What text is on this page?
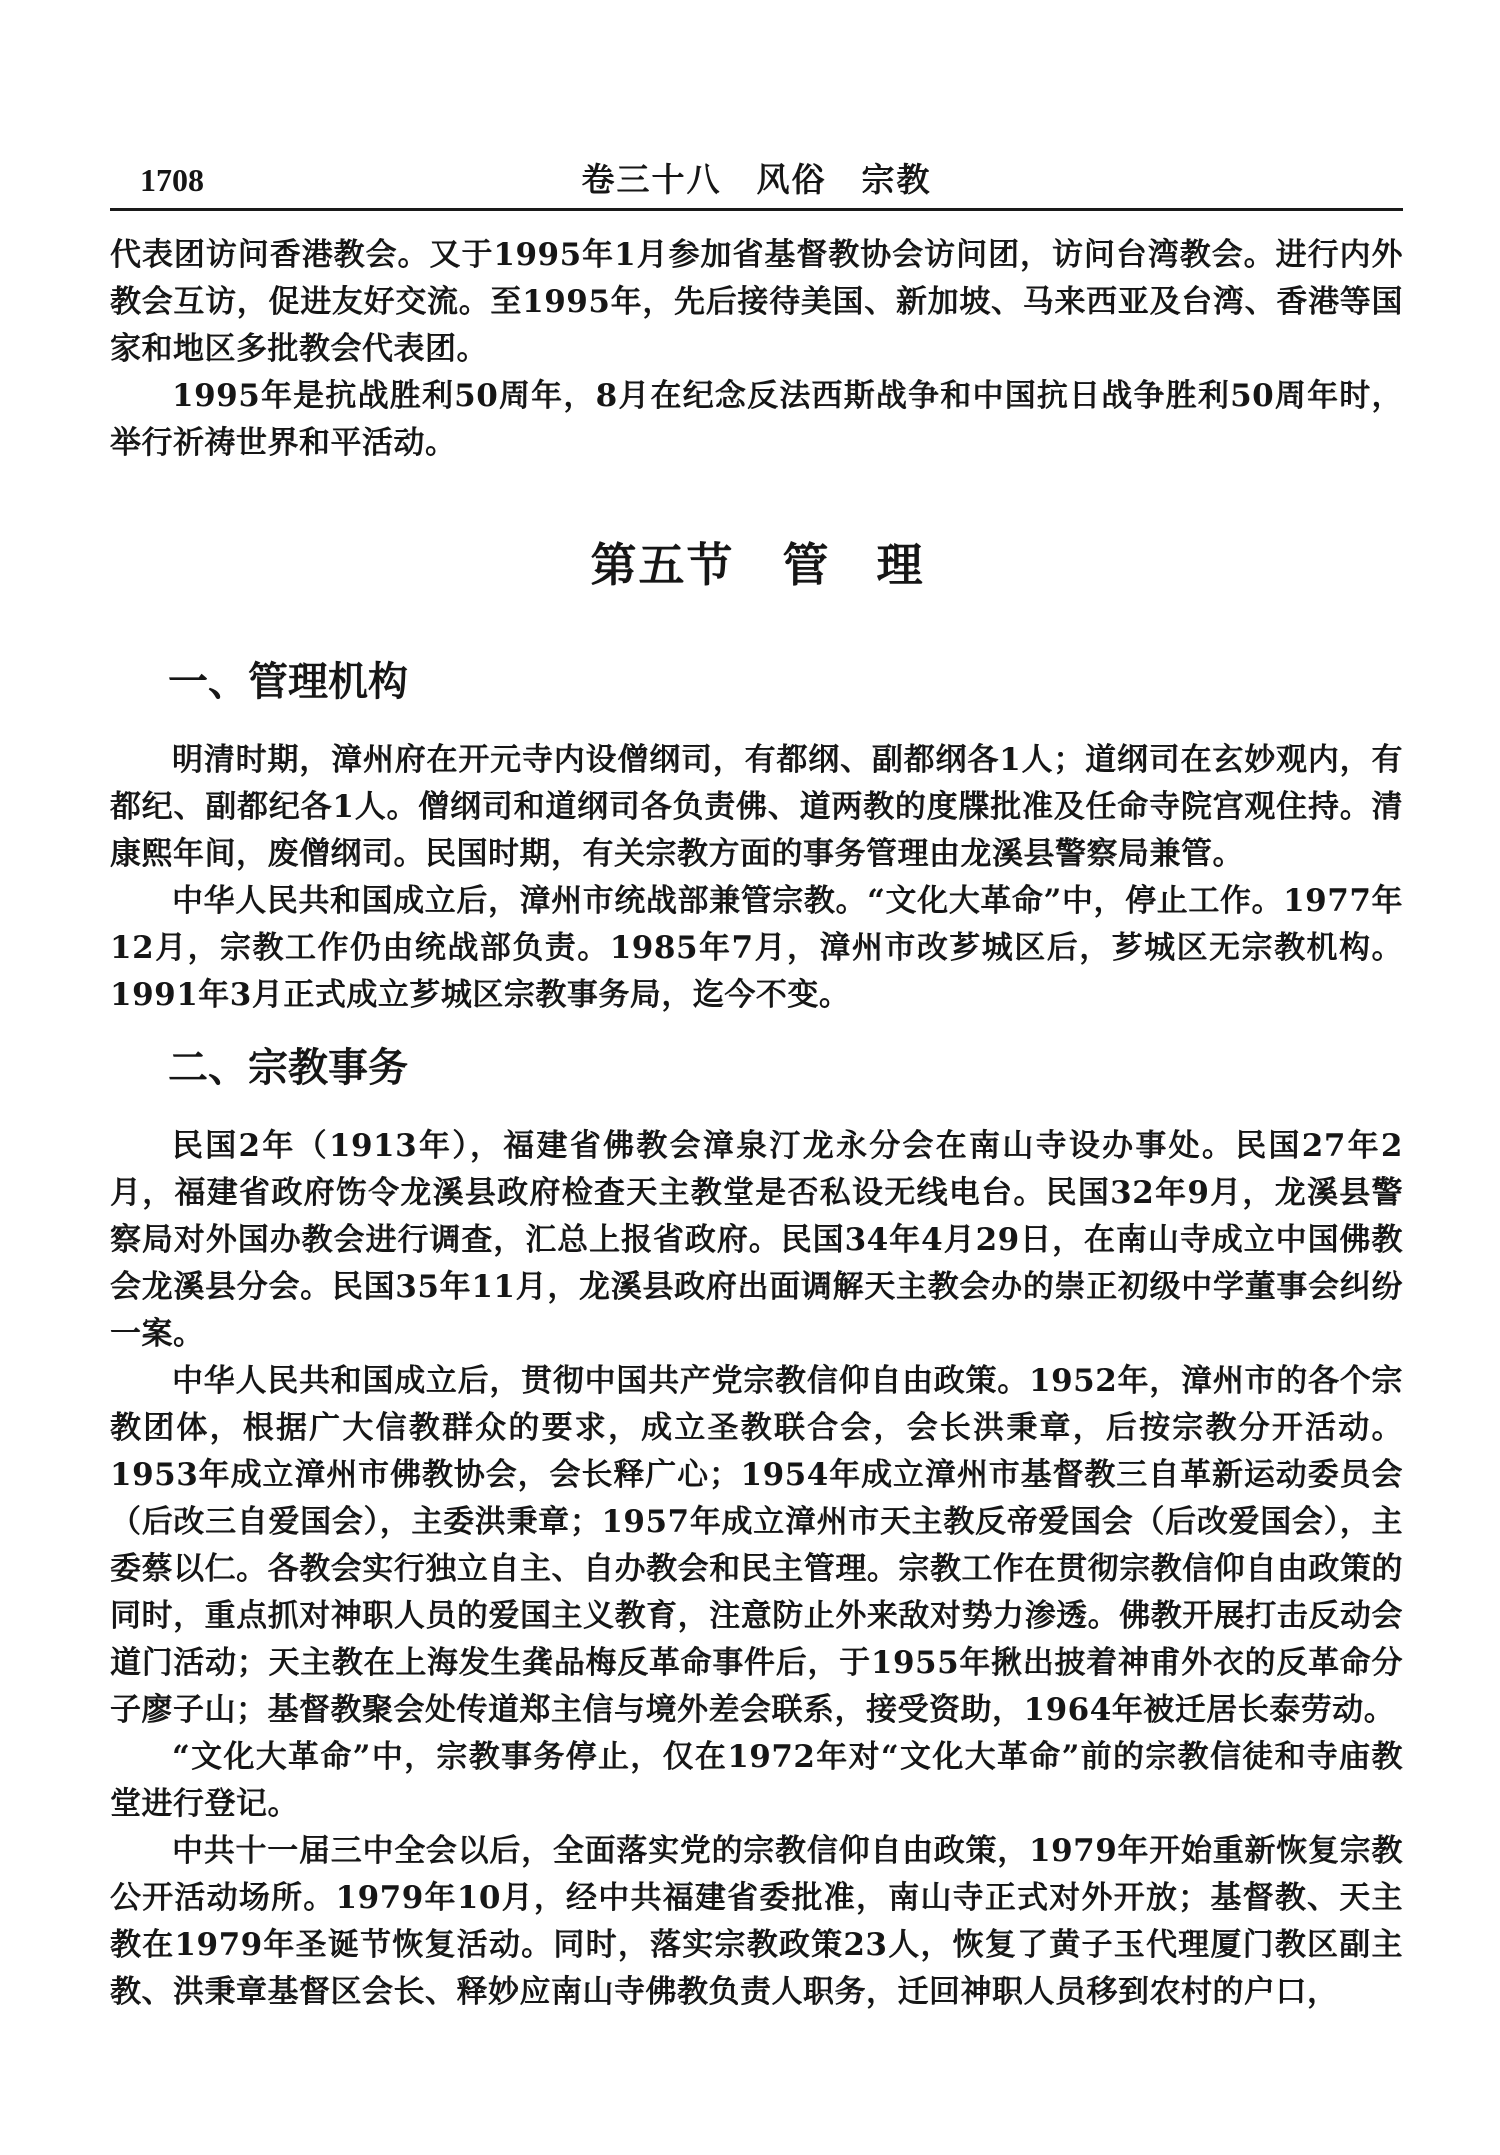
1708	卷三十八　风俗　宗教

代表团访问香港教会。又于1995年1月参加省基督教协会访问团，访问台湾教会。进行内外教会互访，促进友好交流。至1995年，先后接待美国、新加坡、马来西亚及台湾、香港等国家和地区多批教会代表团。

1995年是抗战胜利50周年，8月在纪念反法西斯战争和中国抗日战争胜利50周年时，举行祈祷世界和平活动。

第五节 管 理
一、管理机构

明清时期，漳州府在开元寺内设僧纲司，有都纲、副都纲各1人；道纲司在玄妙观内，有都纪、副都纪各1人。僧纲司和道纲司各负责佛、道两教的度牒批准及任命寺院宫观住持。清康熙年间，废僧纲司。民国时期，有关宗教方面的事务管理由龙溪县警察局兼管。

中华人民共和国成立后，漳州市统战部兼管宗教。“文化大革命”中，停止工作。1977年12月，宗教工作仍由统战部负责。1985年7月，漳州市改芗城区后，芗城区无宗教机构。1991年3月正式成立芗城区宗教事务局，迄今不变。

二、宗教事务

民国2年（1913年），福建省佛教会漳泉汀龙永分会在南山寺设办事处。民国27年2月，福建省政府饬令龙溪县政府检查天主教堂是否私设无线电台。民国32年9月，龙溪县警察局对外国办教会进行调查，汇总上报省政府。民国34年4月29日，在南山寺成立中国佛教会龙溪县分会。民国35年11月，龙溪县政府出面调解天主教会办的崇正初级中学董事会纠纷一案。

中华人民共和国成立后，贯彻中国共产党宗教信仰自由政策。1952年，漳州市的各个宗教团体，根据广大信教群众的要求，成立圣教联合会，会长洪秉章，后按宗教分开活动。1953年成立漳州市佛教协会，会长释广心；1954年成立漳州市基督教三自革新运动委员会（后改三自爱国会），主委洪秉章；1957年成立漳州市天主教反帝爱国会（后改爱国会），主委蔡以仁。各教会实行独立自主、自办教会和民主管理。宗教工作在贯彻宗教信仰自由政策的同时，重点抓对神职人员的爱国主义教育，注意防止外来敌对势力渗透。佛教开展打击反动会道门活动；天主教在上海发生龚品梅反革命事件后，于1955年揪出披着神甫外衣的反革命分子廖子山；基督教聚会处传道郑主信与境外差会联系，接受资助，1964年被迁居长泰劳动。

“文化大革命”中，宗教事务停止，仅在1972年对“文化大革命”前的宗教信徒和寺庙教堂进行登记。

中共十一届三中全会以后，全面落实党的宗教信仰自由政策，1979年开始重新恢复宗教公开活动场所。1979年10月，经中共福建省委批准，南山寺正式对外开放；基督教、天主教在1979年圣诞节恢复活动。同时，落实宗教政策23人，恢复了黄子玉代理厦门教区副主教、洪秉章基督区会长、释妙应南山寺佛教负责人职务，迁回神职人员移到农村的户口，
